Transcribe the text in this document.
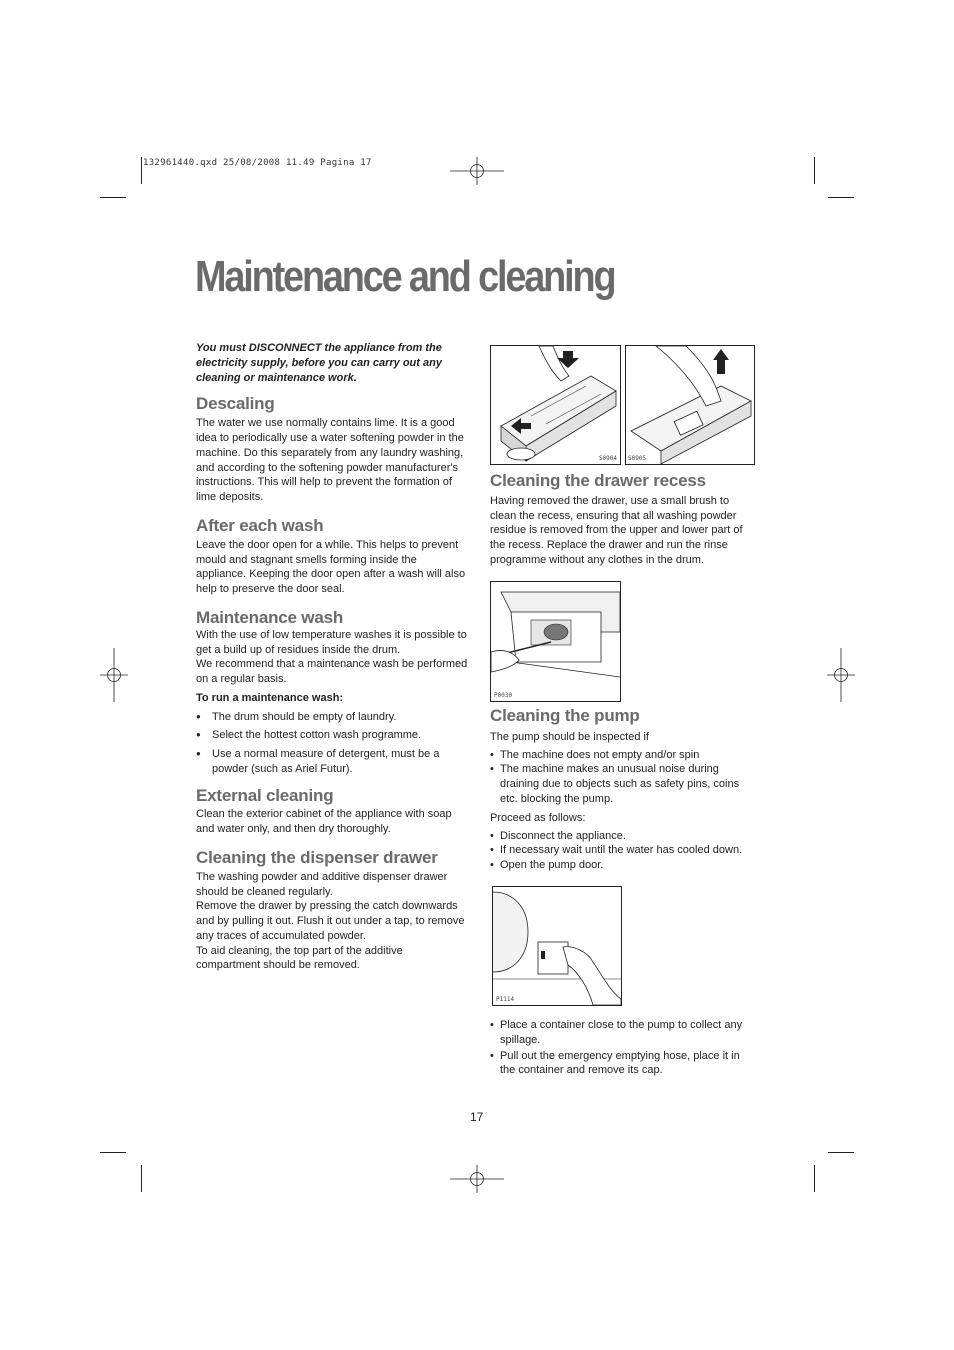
132961440.qxd 25/08/2008 11.49 Pagina 17
Maintenance and cleaning
You must DISCONNECT the appliance from the
electricity supply, before you can carry out any
cleaning or maintenance work.
Descaling

The water we use normally contains lime. It is a good idea to periodically use a water softening powder in the machine. Do this separately from any laundry washing, and according to the softening powder manufacturer's instructions. This will help to prevent the formation of lime deposits.

After each wash

Leave the door open for a while. This helps to prevent mould and stagnant smells forming inside the appliance. Keeping the door open after a wash will also help to preserve the door seal.

Maintenance wash

With the use of low temperature washes it is possible to get a build up of residues inside the drum.

We recommend that a maintenance wash be performed on a regular basis.

To run a maintenance wash:

● The drum should be empty of laundry.
● Select the hottest cotton wash programme.
● Use a normal measure of detergent, must be a powder (such as Ariel Futur).
External cleaning

Clean the exterior cabinet of the appliance with soap and water only, and then dry thoroughly.

Cleaning the dispenser drawer

The washing powder and additive dispenser drawer should be cleaned regularly.

Remove the drawer by pressing the catch downwards and by pulling it out. Flush it out under a tap, to remove any traces of accumulated powder.

To aid cleaning, the top part of the additive compartment should be removed.

S0904 S0905
Cleaning the drawer recess

Having removed the drawer, use a small brush to clean the recess, ensuring that all washing powder residue is removed from the upper and lower part of the recess. Replace the drawer and run the rinse programme without any clothes in the drum.

P0030
Cleaning the pump

The pump should be inspected if

• The machine does not empty and/or spin
• The machine makes an unusual noise during draining due to objects such as safety pins, coins etc. blocking the pump.

Proceed as follows:

• Disconnect the appliance.
• If necessary wait until the water has cooled down.
• Open the pump door.
P1114
• Place a container close to the pump to collect any spillage.
• Pull out the emergency emptying hose, place it in the container and remove its cap.
17
